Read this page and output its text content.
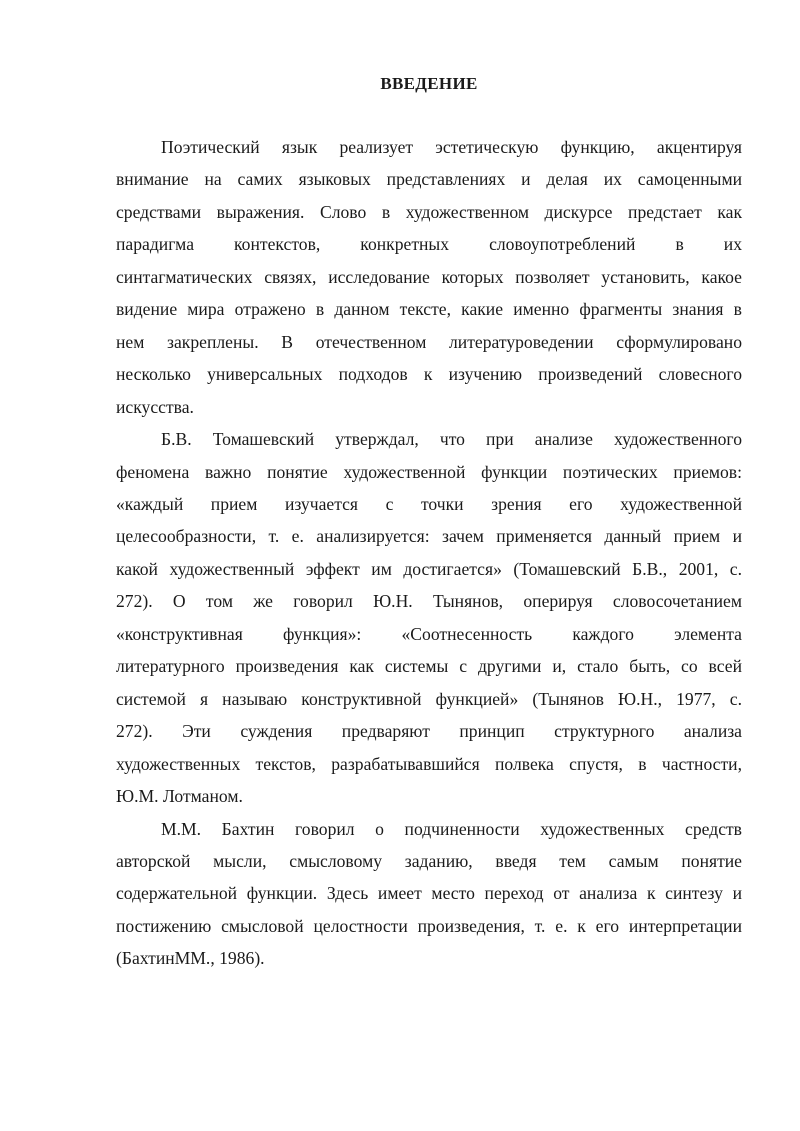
ВВЕДЕНИЕ
Поэтический язык реализует эстетическую функцию, акцентируя
внимание на самих языковых представлениях и делая их самоценными
средствами выражения. Слово в художественном дискурсе предстает как
парадигма контекстов, конкретных словоупотреблений в их
синтагматических связях, исследование которых позволяет установить, какое
видение мира отражено в данном тексте, какие именно фрагменты знания в
нем закреплены. В отечественном литературоведении сформулировано
несколько универсальных подходов к изучению произведений словесного
искусства.
Б.В. Томашевский утверждал, что при анализе художественного
феномена важно понятие художественной функции поэтических приемов:
«каждый прием изучается с точки зрения его художественной
целесообразности, т. е. анализируется: зачем применяется данный прием и
какой художественный эффект им достигается» (Томашевский Б.В., 2001, с.
272). О том же говорил Ю.Н. Тынянов, оперируя словосочетанием
«конструктивная функция»: «Соотнесенность каждого элемента
литературного произведения как системы с другими и, стало быть, со всей
системой я называю конструктивной функцией» (Тынянов Ю.Н., 1977, с.
272). Эти суждения предваряют принцип структурного анализа
художественных текстов, разрабатывавшийся полвека спустя, в частности,
Ю.М. Лотманом.
М.М. Бахтин говорил о подчиненности художественных средств
авторской мысли, смысловому заданию, введя тем самым понятие
содержательной функции. Здесь имеет место переход от анализа к синтезу и
постижению смысловой целостности произведения, т. е. к его интерпретации
(БахтинММ., 1986).
